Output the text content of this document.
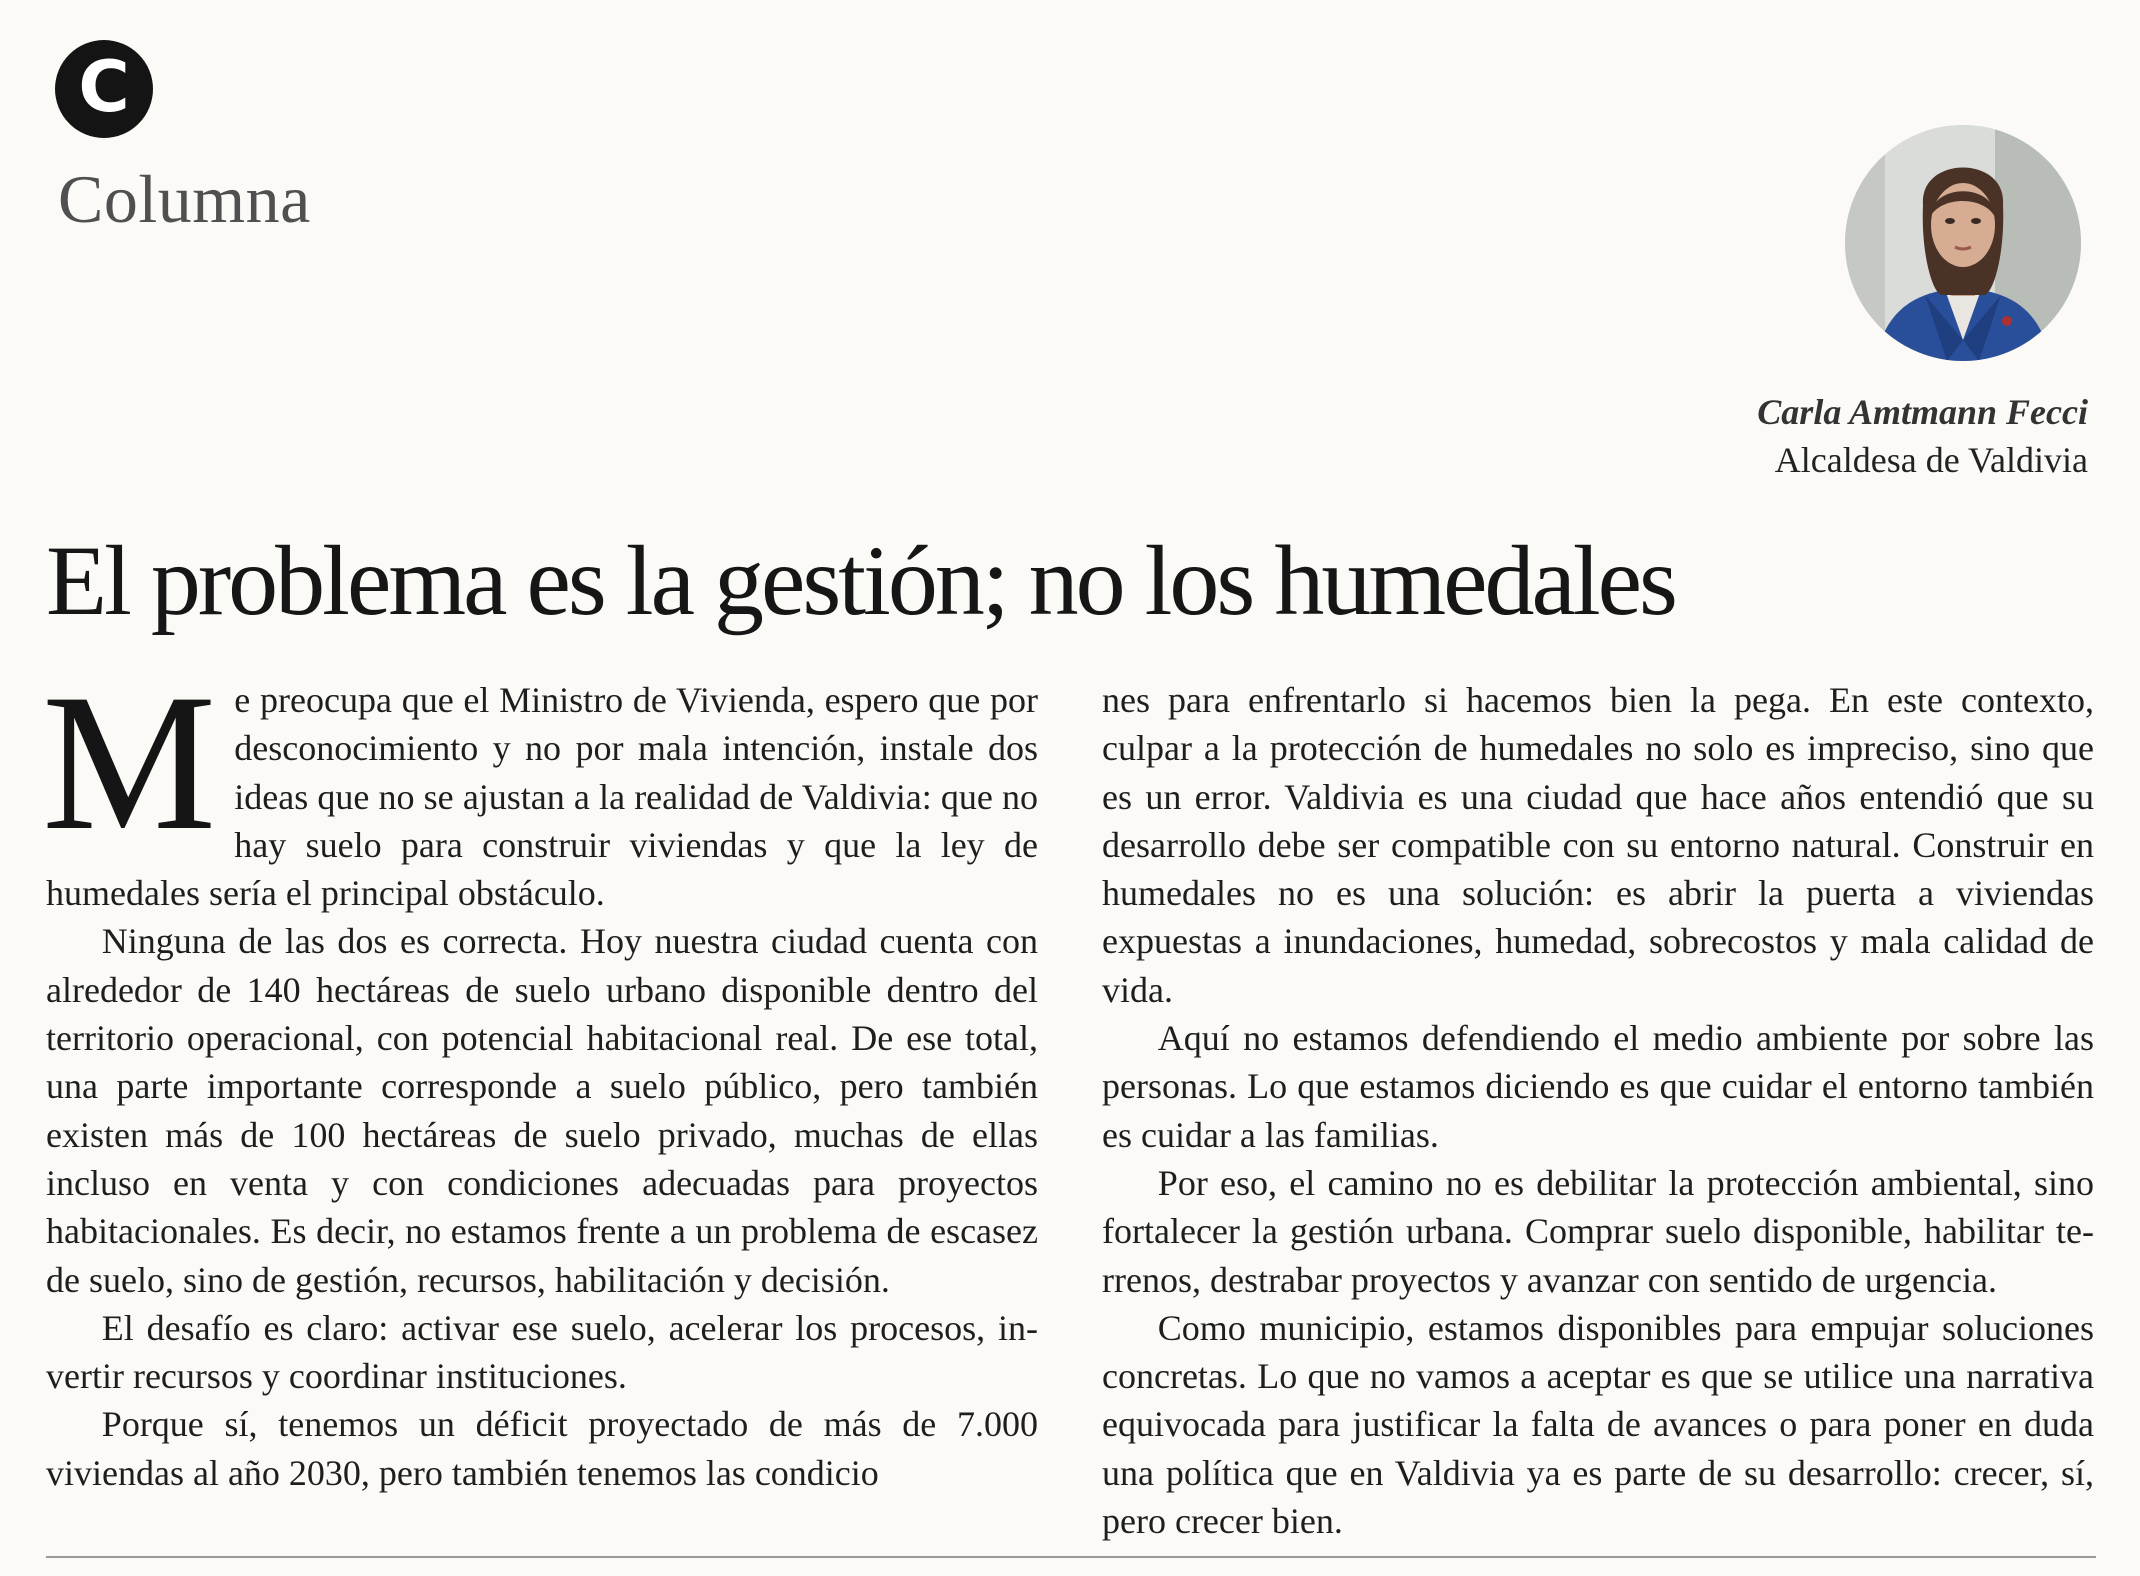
C
Columna
Carla Amtmann Fecci
Alcaldesa de Valdivia
El problema es la gestión; no los humedales
M e preocupa que el Ministro de Vivienda, espero que por desconocimiento y no por mala intención, instale dos ideas que no se ajustan a la realidad de Valdivia: que no hay suelo para construir viviendas y que la ley de humedales sería el principal obstáculo.

Ninguna de las dos es correcta. Hoy nuestra ciudad cuenta con alrededor de 140 hectáreas de suelo urbano disponible dentro del territorio operacional, con potencial habitacional real. De ese total, una parte importante corresponde a suelo público, pero también existen más de 100 hectáreas de suelo privado, muchas de ellas incluso en venta y con condiciones adecuadas para proyectos habitacionales. Es decir, no estamos frente a un problema de escasez de suelo, sino de gestión, recursos, habilitación y decisión.

El desafío es claro: activar ese suelo, acelerar los procesos, invertir recursos y coordinar instituciones.

Porque sí, tenemos un déficit proyectado de más de 7.000 viviendas al año 2030, pero también tenemos las condicio

nes para enfrentarlo si hacemos bien la pega. En este contexto, culpar a la protección de humedales no solo es impreciso, sino que es un error. Valdivia es una ciudad que hace años entendió que su desarrollo debe ser compatible con su entorno natural. Construir en humedales no es una solución: es abrir la puerta a viviendas expuestas a inundaciones, humedad, sobrecostos y mala calidad de vida.

Aquí no estamos defendiendo el medio ambiente por sobre las personas. Lo que estamos diciendo es que cuidar el entorno también es cuidar a las familias.

Por eso, el camino no es debilitar la protección ambiental, sino fortalecer la gestión urbana. Comprar suelo disponible, habilitar terrenos, destrabar proyectos y avanzar con sentido de urgencia.

Como municipio, estamos disponibles para empujar soluciones concretas. Lo que no vamos a aceptar es que se utilice una narrativa equivocada para justificar la falta de avances o para poner en duda una política que en Valdivia ya es parte de su desarrollo: crecer, sí, pero crecer bien.
